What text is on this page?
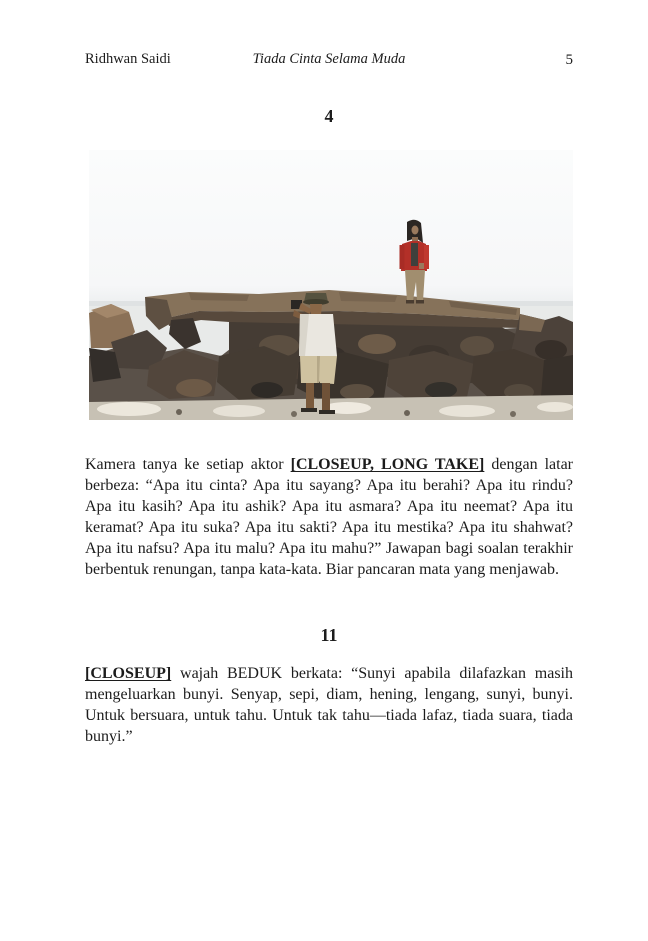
Ridhwan Saidi	Tiada Cinta Selama Muda	5
4

Kamera tanya ke setiap aktor [CLOSEUP, LONG TAKE] dengan latar berbeza: “Apa itu cinta? Apa itu sayang? Apa itu berahi? Apa itu rindu? Apa itu kasih? Apa itu ashik? Apa itu asmara? Apa itu neemat? Apa itu keramat? Apa itu suka? Apa itu sakti? Apa itu mestika? Apa itu shahwat? Apa itu nafsu? Apa itu malu? Apa itu mahu?” Jawapan bagi soalan terakhir berbentuk renungan, tanpa kata-kata. Biar pancaran mata yang menjawab.

11

[CLOSEUP] wajah BEDUK berkata: “Sunyi apabila dilafazkan masih mengeluarkan bunyi. Senyap, sepi, diam, hening, lengang, sunyi, bunyi. Untuk bersuara, untuk tahu. Untuk tak tahu—tiada lafaz, tiada suara, tiada bunyi.”
